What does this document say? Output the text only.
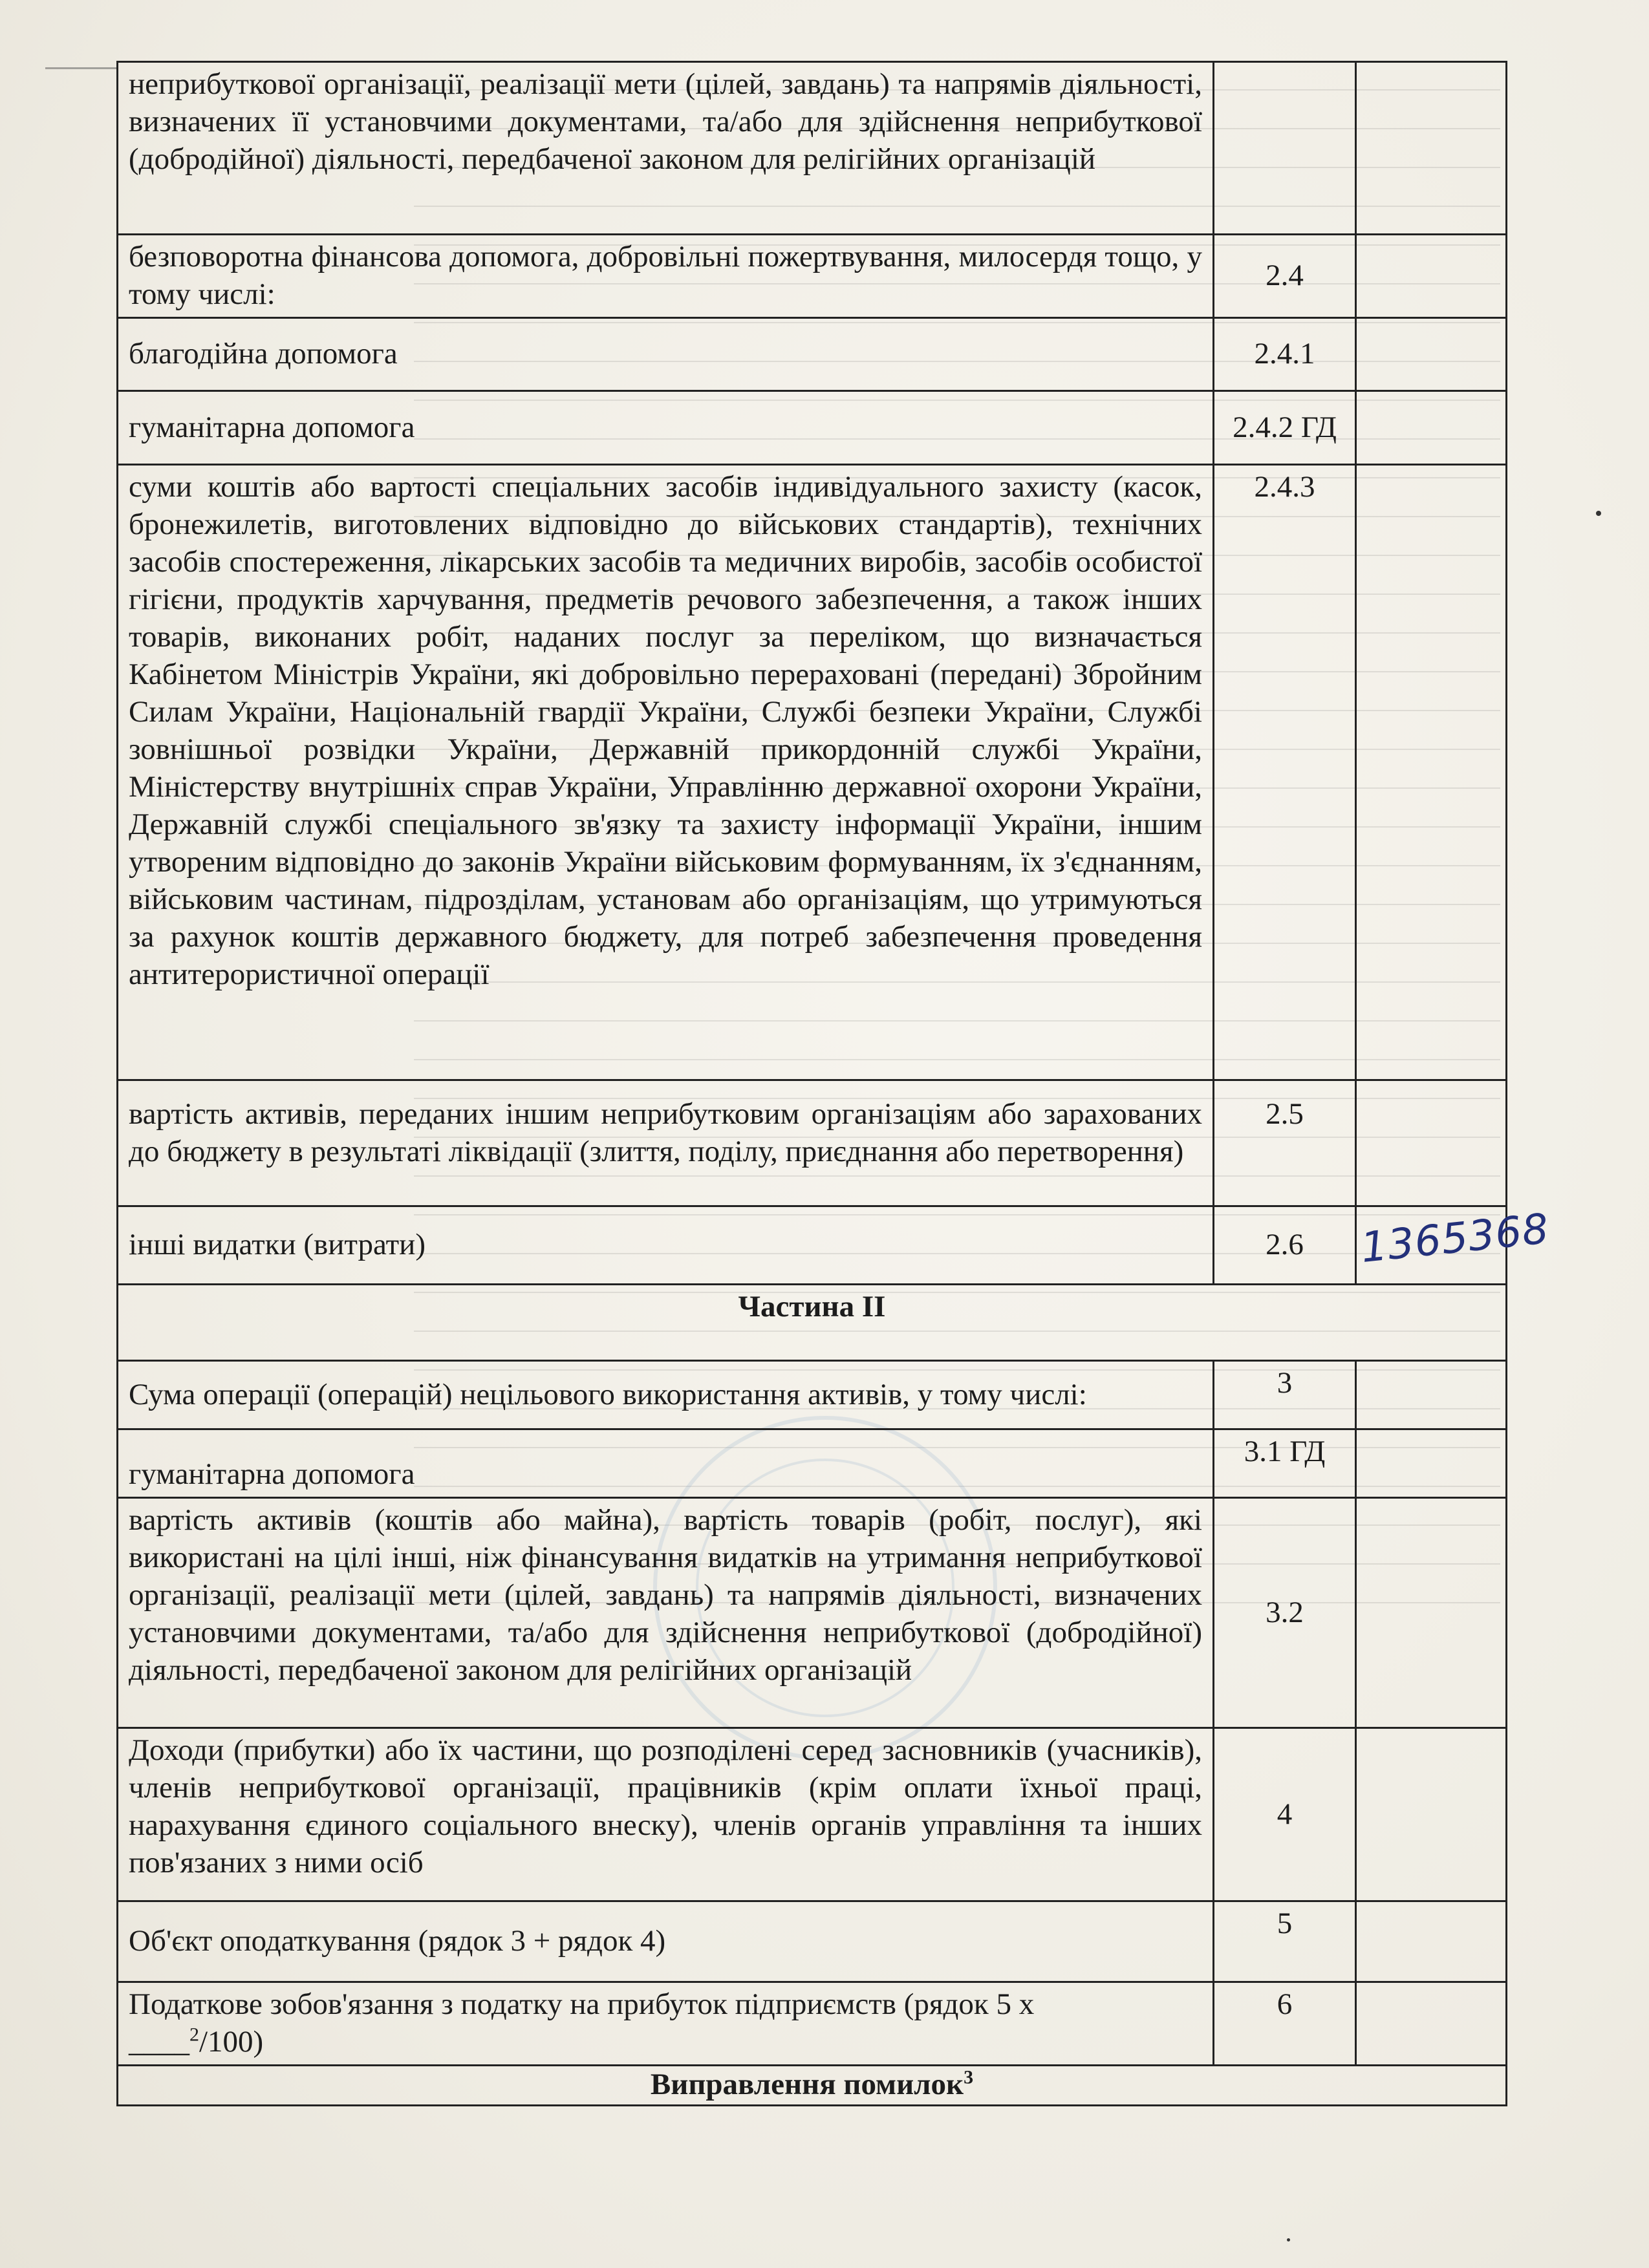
неприбуткової організації, реалізації мети (цілей, завдань) та напрямів діяльності, визначених її установчими документами, та/або для здійснення неприбуткової (добродійної) діяльності, передбаченої законом для релігійних організацій		
безповоротна фінансова допомога, добровільні пожертвування, милосердя тощо, у тому числі:	2.4	
благодійна допомога	2.4.1	
гуманітарна допомога	2.4.2 ГД	
суми коштів або вартості спеціальних засобів індивідуального захисту (касок, бронежилетів, виготовлених відповідно до військових стандартів), технічних засобів спостереження, лікарських засобів та медичних виробів, засобів особистої гігієни, продуктів харчування, предметів речового забезпечення, а також інших товарів, виконаних робіт, наданих послуг за переліком, що визначається Кабінетом Міністрів України, які добровільно перераховані (передані) Збройним Силам України, Національній гвардії України, Службі безпеки України, Службі зовнішньої розвідки України, Державній прикордонній службі України, Міністерству внутрішніх справ України, Управлінню державної охорони України, Державній службі спеціального зв'язку та захисту інформації України, іншим утвореним відповідно до законів України військовим формуванням, їх з'єднанням, військовим частинам, підрозділам, установам або організаціям, що утримуються за рахунок коштів державного бюджету, для потреб забезпечення проведення антитерористичної операції	2.4.3	
вартість активів, переданих іншим неприбутковим організаціям або зарахованих до бюджету в результаті ліквідації (злиття, поділу, приєднання або перетворення)	2.5	
інші видатки (витрати)	2.6	1365368

Частина II		
Сума операції (операцій) нецільового використання активів, у тому числі:	3	
гуманітарна допомога	3.1 ГД	
вартість активів (коштів або майна), вартість товарів (робіт, послуг), які використані на цілі інші, ніж фінансування видатків на утримання неприбуткової організації, реалізації мети (цілей, завдань) та напрямів діяльності, визначених установчими документами, та/або для здійснення неприбуткової (добродійної) діяльності, передбаченої законом для релігійних організацій	3.2	
Доходи (прибутки) або їх частини, що розподілені серед засновників (учасників), членів неприбуткової організації, працівників (крім оплати їхньої праці, нарахування єдиного соціального внеску), членів органів управління та інших пов'язаних з ними осіб	4	
Об'єкт оподаткування (рядок 3 + рядок 4)	5	
Податкове зобов'язання з податку на прибуток підприємств (рядок 5 х
____$^2$/100)	6	
Виправлення помилок$^3$
